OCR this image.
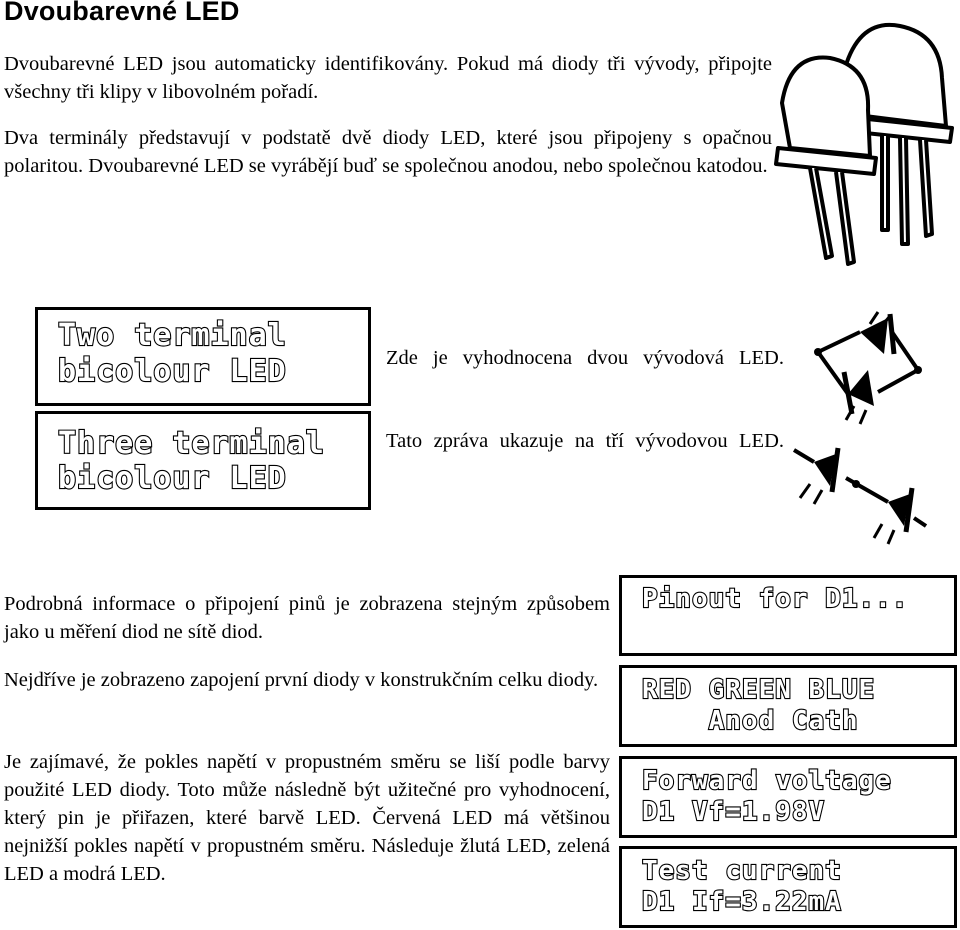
Dvoubarevné LED

Dvoubarevné LED jsou automaticky identifikovány. Pokud má diody tři vývody, připojte všechny tři klipy v libovolném pořadí.

Dva terminály představují v podstatě dvě diody LED, které jsou připojeny s opačnou polaritou. Dvoubarevné LED se vyrábějí buď se společnou anodou, nebo společnou katodou.

Two terminal
bicolour LED
Three terminal
bicolour LED

Zde je vyhodnocena dvou vývodová LED.

Tato zpráva ukazuje na tří vývodovou LED.

Podrobná informace o připojení pinů je zobrazena stejným způsobem jako u měření diod ne sítě diod.

Nejdříve je zobrazeno zapojení první diody v konstrukčním celku diody.

Je zajímavé, že pokles napětí v propustném směru se liší podle barvy použité LED diody. Toto může následně být užitečné pro vyhodnocení, který pin je přiřazen, které barvě LED. Červená LED má většinou nejnižší pokles napětí v propustném směru. Následuje žlutá LED, zelená LED a modrá LED.

Pinout for D1...
RED GREEN BLUE
Anod Cath
Forward voltage
D1 Vf=1.98V
Test current
D1 If=3.22mA
